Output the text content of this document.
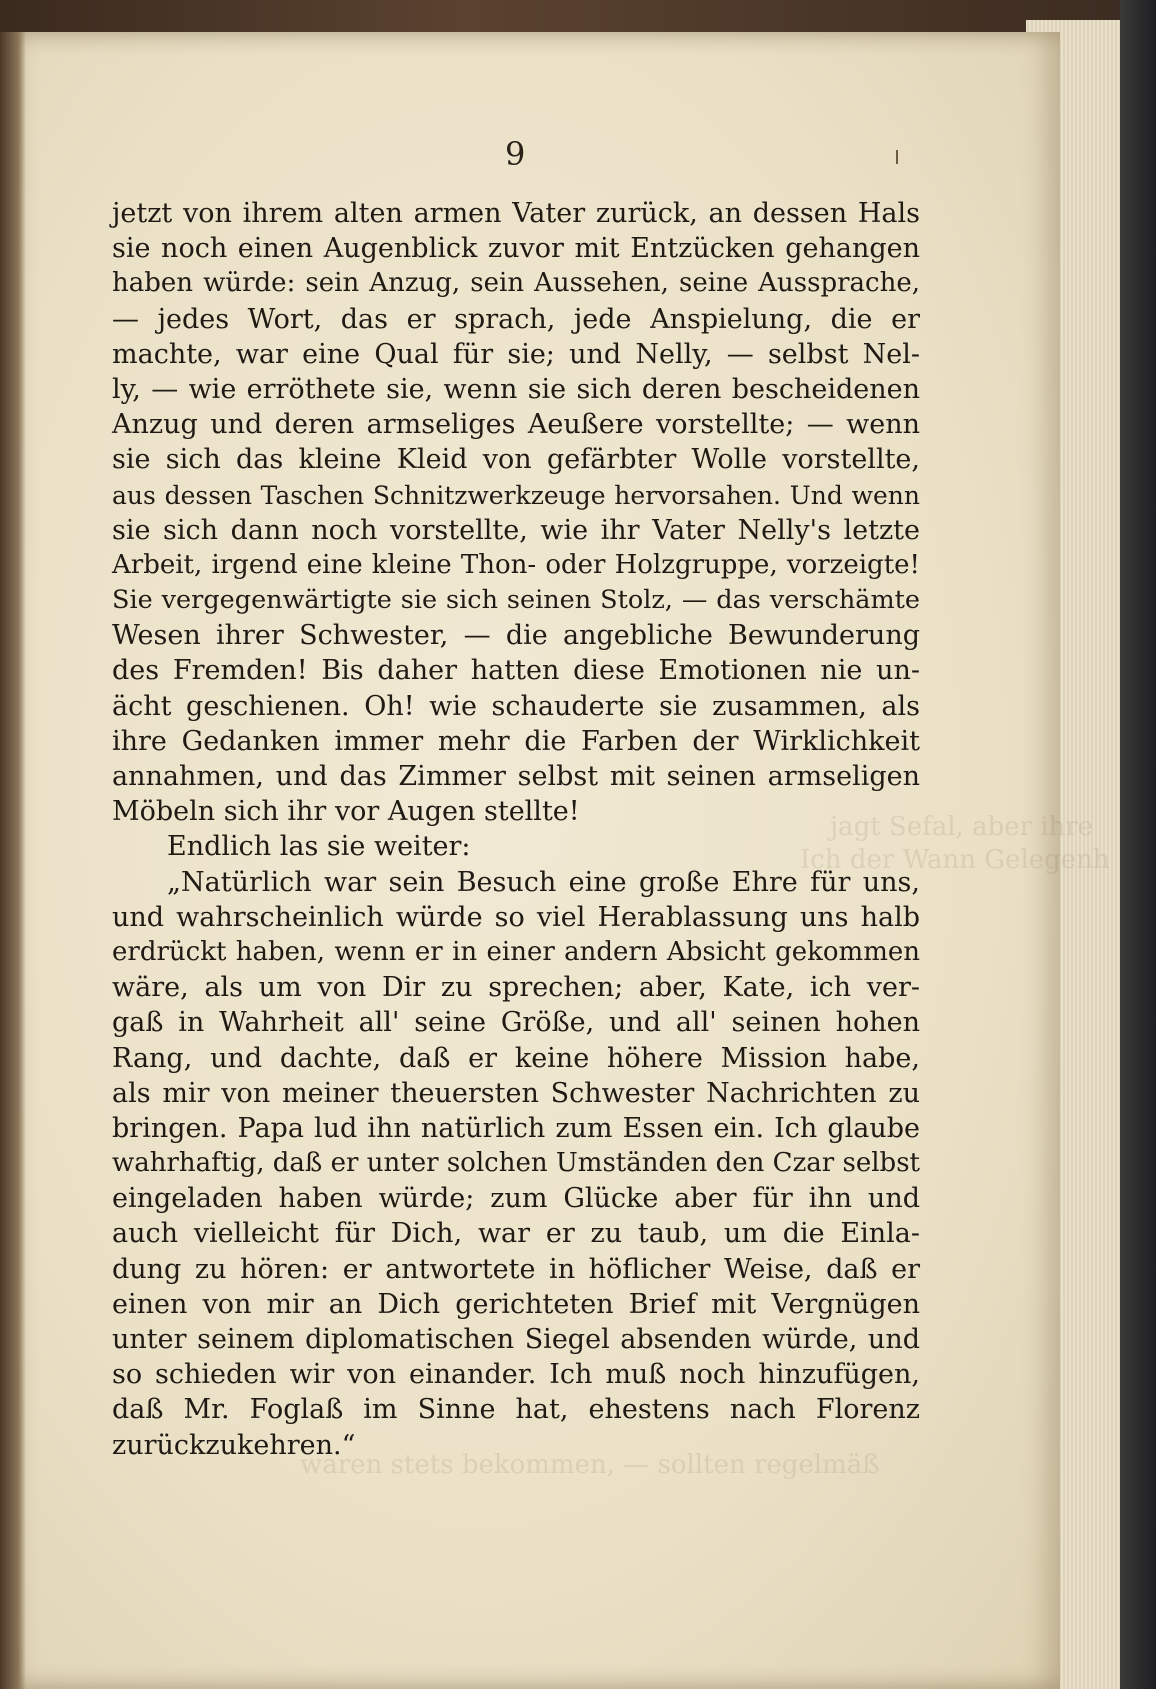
jagt Sefal, aber ihre
Ich der Wann Gelegenh
waren stets bekommen, — sollten regelmäß
9
jetzt von ihrem alten armen Vater zurück, an dessen Hals
sie noch einen Augenblick zuvor mit Entzücken gehangen
haben würde: sein Anzug, sein Aussehen, seine Aussprache,
— jedes Wort, das er sprach, jede Anspielung, die er
machte, war eine Qual für sie; und Nelly, — selbst Nel-
ly, — wie erröthete sie, wenn sie sich deren bescheidenen
Anzug und deren armseliges Aeußere vorstellte; — wenn
sie sich das kleine Kleid von gefärbter Wolle vorstellte,
aus dessen Taschen Schnitzwerkzeuge hervorsahen. Und wenn
sie sich dann noch vorstellte, wie ihr Vater Nelly's letzte
Arbeit, irgend eine kleine Thon- oder Holzgruppe, vorzeigte!
Sie vergegenwärtigte sie sich seinen Stolz, — das verschämte
Wesen ihrer Schwester, — die angebliche Bewunderung
des Fremden! Bis daher hatten diese Emotionen nie un-
ächt geschienen. Oh! wie schauderte sie zusammen, als
ihre Gedanken immer mehr die Farben der Wirklichkeit
annahmen, und das Zimmer selbst mit seinen armseligen
Möbeln sich ihr vor Augen stellte!
Endlich las sie weiter:
„Natürlich war sein Besuch eine große Ehre für uns,
und wahrscheinlich würde so viel Herablassung uns halb
erdrückt haben, wenn er in einer andern Absicht gekommen
wäre, als um von Dir zu sprechen; aber, Kate, ich ver-
gaß in Wahrheit all' seine Größe, und all' seinen hohen
Rang, und dachte, daß er keine höhere Mission habe,
als mir von meiner theuersten Schwester Nachrichten zu
bringen. Papa lud ihn natürlich zum Essen ein. Ich glaube
wahrhaftig, daß er unter solchen Umständen den Czar selbst
eingeladen haben würde; zum Glücke aber für ihn und
auch vielleicht für Dich, war er zu taub, um die Einla-
dung zu hören: er antwortete in höflicher Weise, daß er
einen von mir an Dich gerichteten Brief mit Vergnügen
unter seinem diplomatischen Siegel absenden würde, und
so schieden wir von einander. Ich muß noch hinzufügen,
daß Mr. Foglaß im Sinne hat, ehestens nach Florenz
zurückzukehren.“
